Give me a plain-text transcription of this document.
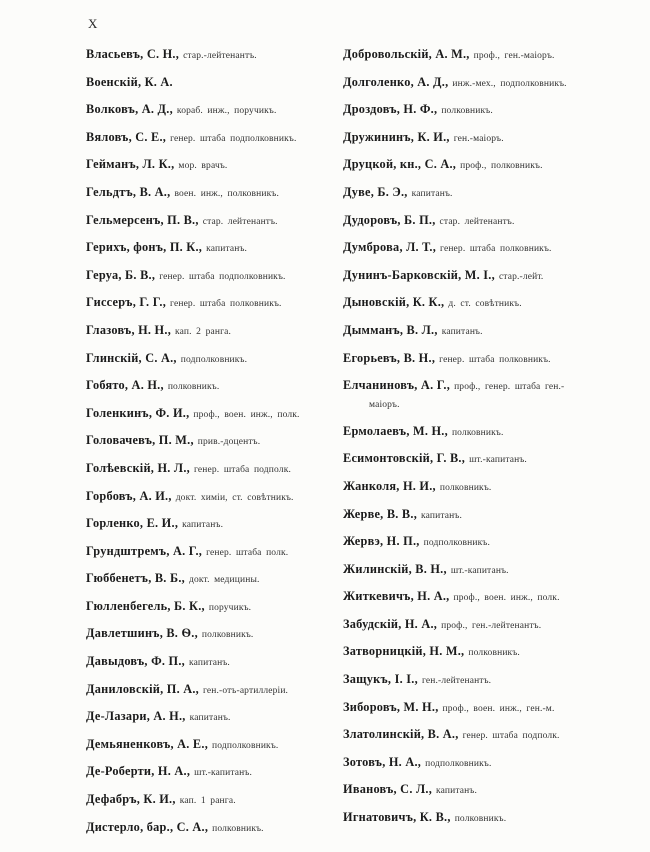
X
Власьевъ, С. Н., стар.-лейтенантъ.
Военскій, К. А.
Волковъ, А. Д., кораб. инж., поручикъ.
Вяловъ, С. Е., генер. штаба подполковникъ.
Гейманъ, Л. К., мор. врачъ.
Гельдтъ, В. А., воен. инж., полковникъ.
Гельмерсенъ, П. В., стар. лейтенантъ.
Герихъ, фонъ, П. К., капитанъ.
Геруа, Б. В., генер. штаба подполковникъ.
Гиссеръ, Г. Г., генер. штаба полковникъ.
Глазовъ, Н. Н., кап. 2 ранга.
Глинскій, С. А., подполковникъ.
Гобято, А. Н., полковникъ.
Голенкинъ, Ф. И., проф., воен. инж., полк.
Головачевъ, П. М., прив.-доцентъ.
Голѣевскій, Н. Л., генер. штаба подполк.
Горбовъ, А. И., докт. химіи, ст. совѣтникъ.
Горленко, Е. И., капитанъ.
Грундштремъ, А. Г., генер. штаба полк.
Гюббенетъ, В. Б., докт. медицины.
Гюлленбегель, Б. К., поручикъ.
Давлетшинъ, В. Ѳ., полковникъ.
Давыдовъ, Ф. П., капитанъ.
Даниловскій, П. А., ген.-отъ-артиллеріи.
Де-Лазари, А. Н., капитанъ.
Демьяненковъ, А. Е., подполковникъ.
Де-Роберти, Н. А., шт.-капитанъ.
Дефабръ, К. И., кап. 1 ранга.
Дистерло, бар., С. А., полковникъ.
Добровольскій, А. М., проф., ген.-маіоръ.
Долголенко, А. Д., инж.-мех., подполковникъ.
Дроздовъ, Н. Ф., полковникъ.
Дружининъ, К. И., ген.-маіоръ.
Друцкой, кн., С. А., проф., полковникъ.
Дуве, Б. Э., капитанъ.
Дудоровъ, Б. П., стар. лейтенантъ.
Думброва, Л. Т., генер. штаба полковникъ.
Дунинъ-Барковскій, М. I., стар.-лейт.
Дыновскій, К. К., д. ст. совѣтникъ.
Дымманъ, В. Л., капитанъ.
Егорьевъ, В. Н., генер. штаба полковникъ.
Елчаниновъ, А. Г., проф., генер. штаба ген.-маіоръ.
Ермолаевъ, М. Н., полковникъ.
Есимонтовскій, Г. В., шт.-капитанъ.
Жанколя, Н. И., полковникъ.
Жерве, В. В., капитанъ.
Жервэ, Н. П., подполковникъ.
Жилинскій, В. Н., шт.-капитанъ.
Житкевичъ, Н. А., проф., воен. инж., полк.
Забудскій, Н. А., проф., ген.-лейтенантъ.
Затворницкій, Н. М., полковникъ.
Защукъ, I. I., ген.-лейтенантъ.
Зиборовъ, М. Н., проф., воен. инж., ген.-м.
Златолинскій, В. А., генер. штаба подполк.
Зотовъ, Н. А., подполковникъ.
Ивановъ, С. Л., капитанъ.
Игнатовичъ, К. В., полковникъ.
